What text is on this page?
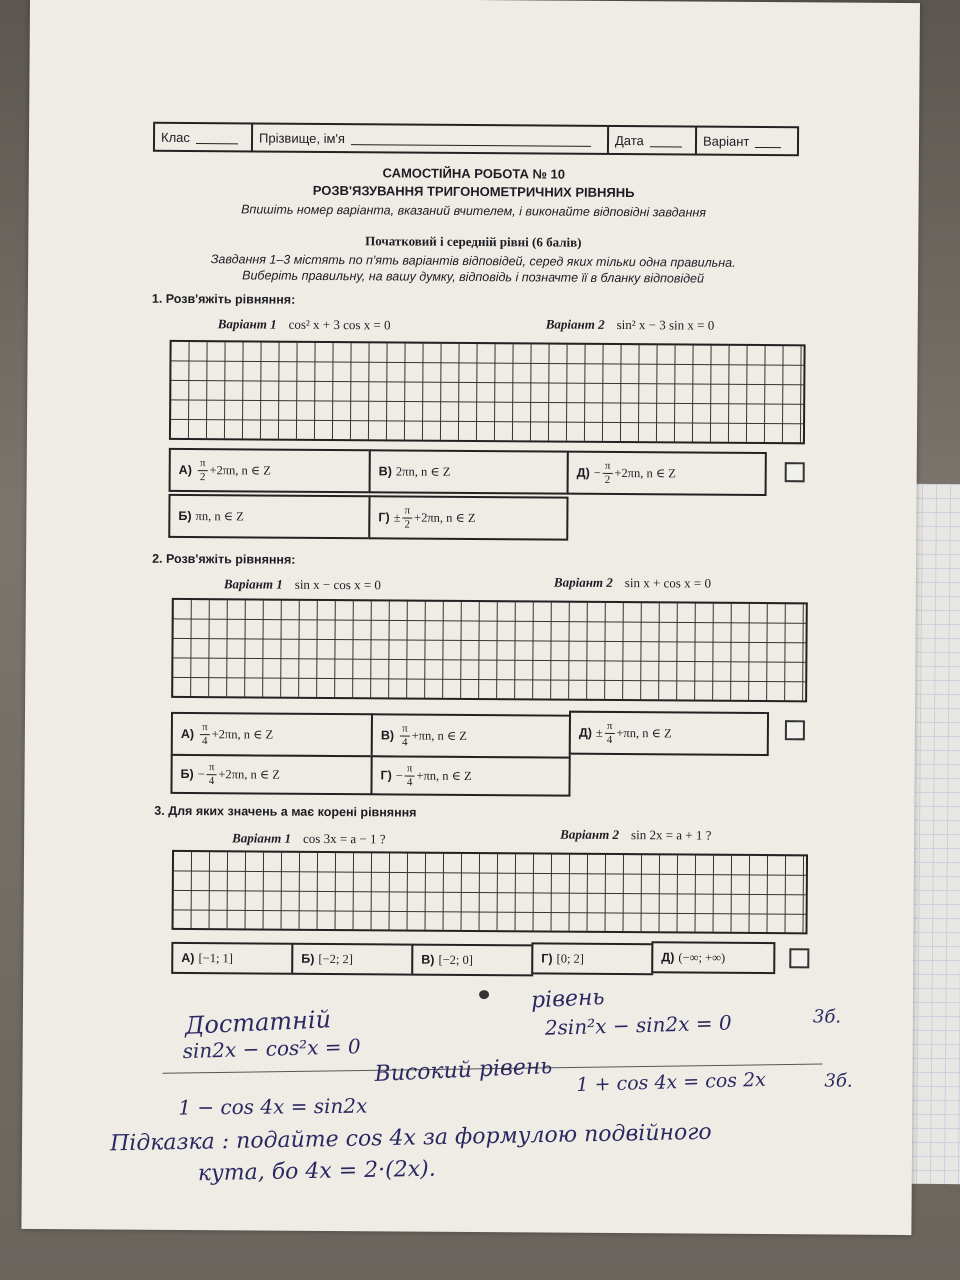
Клас	Прізвище, ім'я	Дата	Варіант
САМОСТІЙНА РОБОТА № 10
РОЗВ'ЯЗУВАННЯ ТРИГОНОМЕТРИЧНИХ РІВНЯНЬ
Впишіть номер варіанта, вказаний вчителем, і виконайте відповідні завдання
Початковий і середній рівні (6 балів)
Завдання 1–3 містять по п'ять варіантів відповідей, серед яких тільки одна правильна.
Виберіть правильну, на вашу думку, відповідь і позначте її в бланку відповідей
1. Розв'яжіть рівняння:
Варіант 1 cos² x + 3 cos x = 0	Варіант 2 sin² x − 3 sin x = 0
$А) \frac{\pi}{2} +2\pi n$, n ∈ Z	В) 2πn, n ∈ Z	$Д) - \frac{\pi}{2} +2\pi n$, n ∈ Z
Б) πn, n ∈ Z	$Г) \pm \frac{\pi}{2} +2\pi n$, n ∈ Z
2. Розв'яжіть рівняння:
Варіант 1 sin x − cos x = 0	Варіант 2 sin x + cos x = 0
$А) \frac{\pi}{4} +2\pi n$, n ∈ Z	$В) \frac{\pi}{4} +\pi n$, n ∈ Z	$Д) \pm \frac{\pi}{4} +\pi n$, n ∈ Z
$Б) - \frac{\pi}{4} +2\pi n$, n ∈ Z	$Г) - \frac{\pi}{4} +\pi n$, n ∈ Z
3. Для яких значень a має корені рівняння
Варіант 1 cos 3x = a − 1 ?	Варіант 2 sin 2x = a + 1 ?
А) [−1; 1]	Б) [−2; 2]	В) [−2; 0]	Г) [0; 2]	Д) (−∞; +∞)
Достатній
рівень
sin2x − cos²x = 0
2sin²x − sin2x = 0	3б.
Високий рівень 1 + cos 4x = cos 2x	3б.
1 − cos 4x = sin2x
Підказка : подайте cos 4x за формулою подвійного
кута, бо 4x = 2·(2x).
